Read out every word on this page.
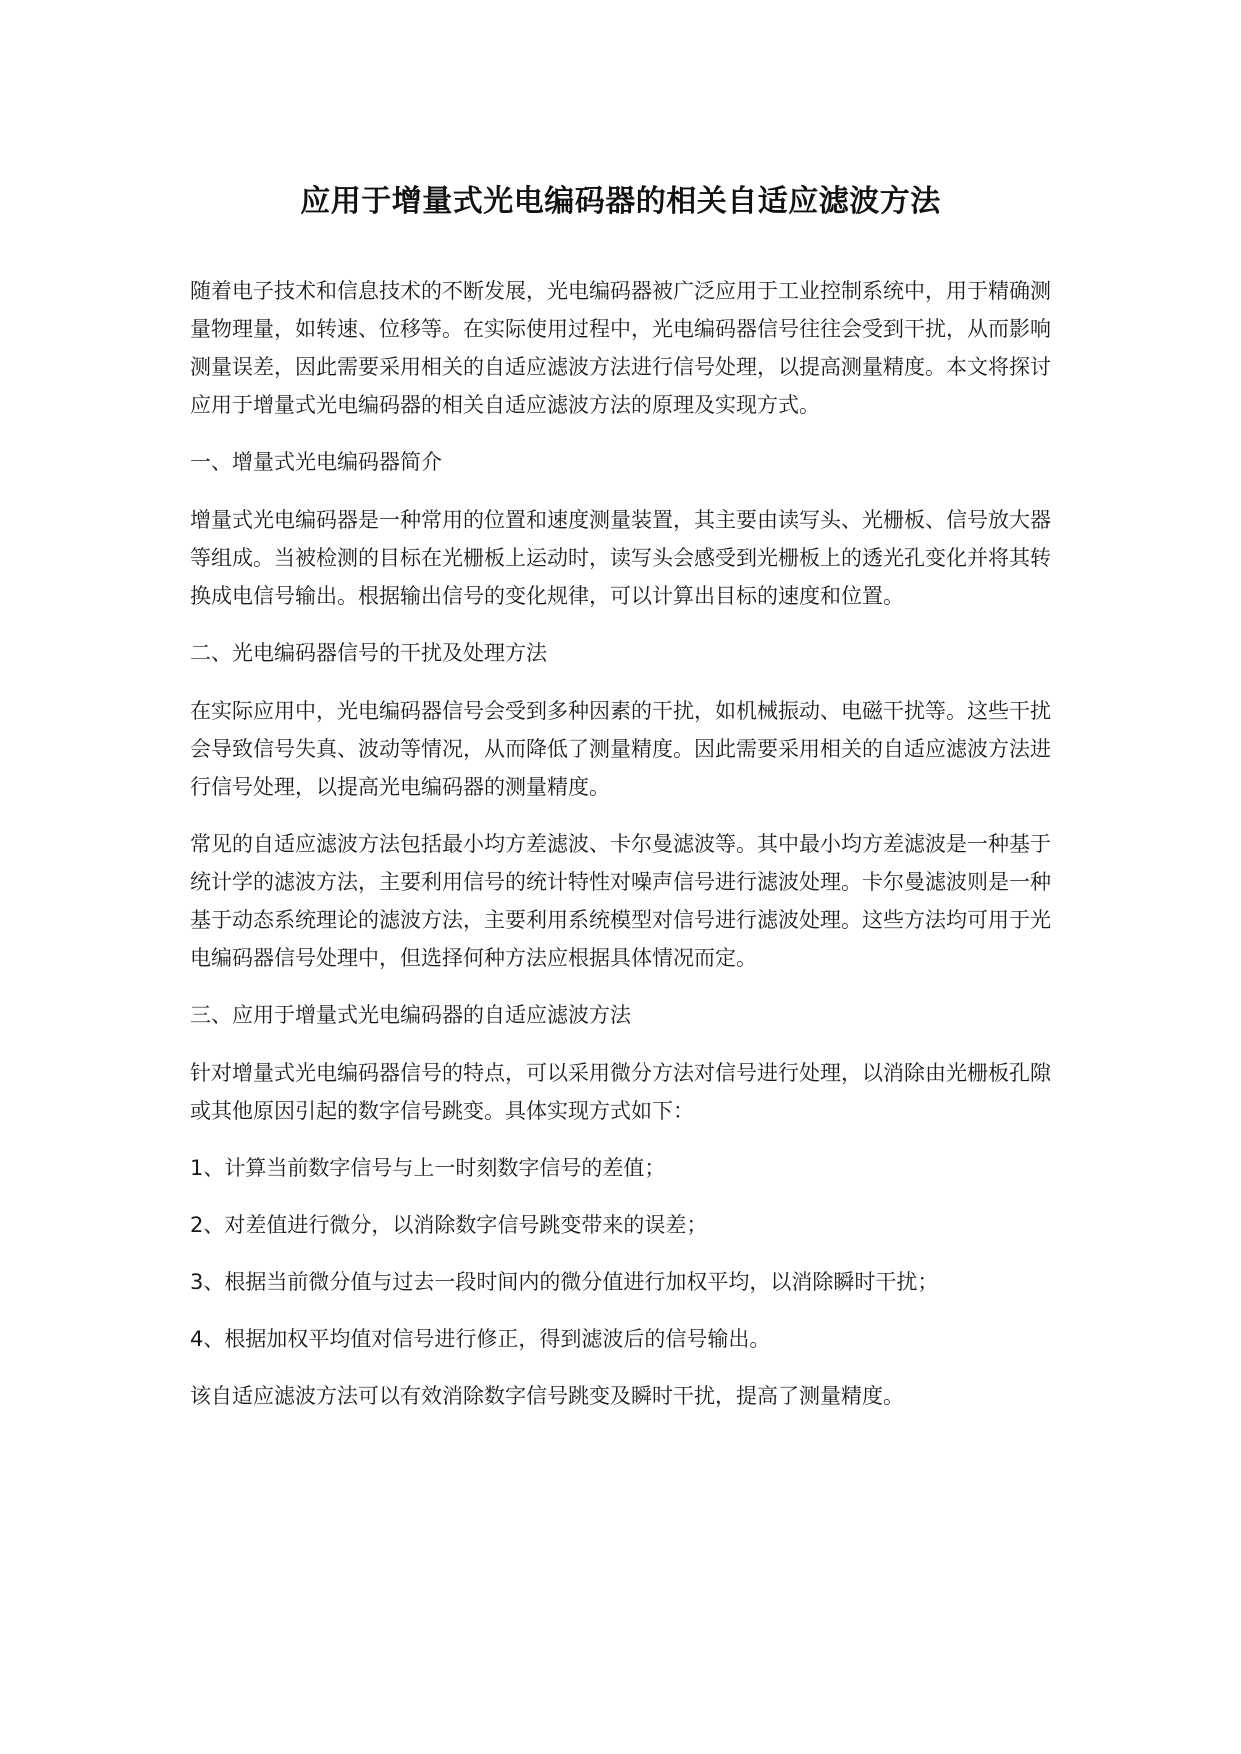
应用于增量式光电编码器的相关自适应滤波方法

随着电子技术和信息技术的不断发展，光电编码器被广泛应用于工业控制系统中，用于精确测量物理量，如转速、位移等。在实际使用过程中，光电编码器信号往往会受到干扰，从而影响测量误差，因此需要采用相关的自适应滤波方法进行信号处理，以提高测量精度。本文将探讨应用于增量式光电编码器的相关自适应滤波方法的原理及实现方式。

一、增量式光电编码器简介

增量式光电编码器是一种常用的位置和速度测量装置，其主要由读写头、光栅板、信号放大器等组成。当被检测的目标在光栅板上运动时，读写头会感受到光栅板上的透光孔变化并将其转换成电信号输出。根据输出信号的变化规律，可以计算出目标的速度和位置。

二、光电编码器信号的干扰及处理方法

在实际应用中，光电编码器信号会受到多种因素的干扰，如机械振动、电磁干扰等。这些干扰会导致信号失真、波动等情况，从而降低了测量精度。因此需要采用相关的自适应滤波方法进行信号处理，以提高光电编码器的测量精度。

常见的自适应滤波方法包括最小均方差滤波、卡尔曼滤波等。其中最小均方差滤波是一种基于统计学的滤波方法，主要利用信号的统计特性对噪声信号进行滤波处理。卡尔曼滤波则是一种基于动态系统理论的滤波方法，主要利用系统模型对信号进行滤波处理。这些方法均可用于光电编码器信号处理中，但选择何种方法应根据具体情况而定。

三、应用于增量式光电编码器的自适应滤波方法

针对增量式光电编码器信号的特点，可以采用微分方法对信号进行处理，以消除由光栅板孔隙或其他原因引起的数字信号跳变。具体实现方式如下：

1、计算当前数字信号与上一时刻数字信号的差值；

2、对差值进行微分，以消除数字信号跳变带来的误差；

3、根据当前微分值与过去一段时间内的微分值进行加权平均，以消除瞬时干扰；

4、根据加权平均值对信号进行修正，得到滤波后的信号输出。

该自适应滤波方法可以有效消除数字信号跳变及瞬时干扰，提高了测量精度。
